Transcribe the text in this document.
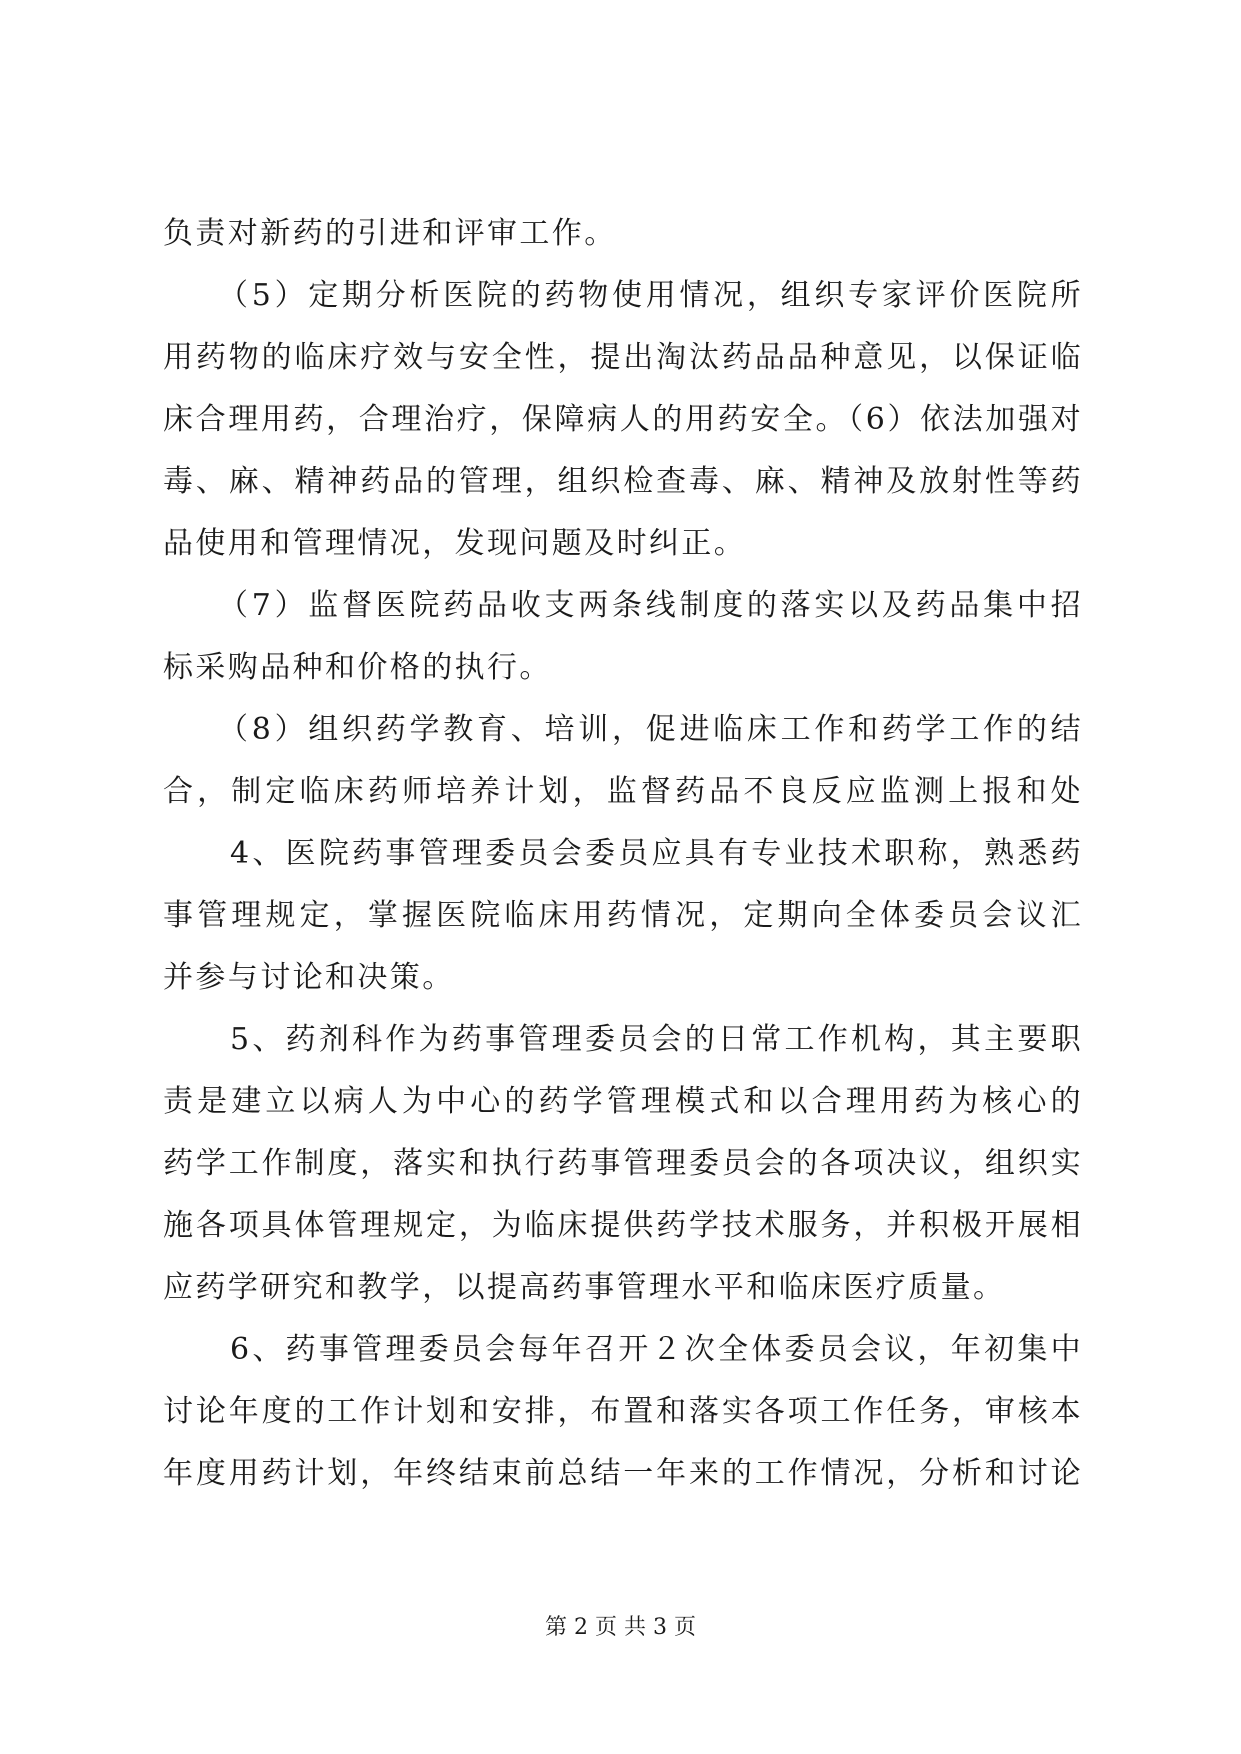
负责对新药的引进和评审工作。
（5）定期分析医院的药物使用情况，组织专家评价医院所
用药物的临床疗效与安全性，提出淘汰药品品种意见，以保证临
床合理用药，合理治疗，保障病人的用药安全。（6）依法加强对
毒、麻、精神药品的管理，组织检查毒、麻、精神及放射性等药
品使用和管理情况，发现问题及时纠正。
（7）监督医院药品收支两条线制度的落实以及药品集中招
标采购品种和价格的执行。
（8）组织药学教育、培训，促进临床工作和药学工作的结
合，制定临床药师培养计划，监督药品不良反应监测上报和处
4、医院药事管理委员会委员应具有专业技术职称，熟悉药
事管理规定，掌握医院临床用药情况，定期向全体委员会议汇
并参与讨论和决策。
5、药剂科作为药事管理委员会的日常工作机构，其主要职
责是建立以病人为中心的药学管理模式和以合理用药为核心的
药学工作制度，落实和执行药事管理委员会的各项决议，组织实
施各项具体管理规定，为临床提供药学技术服务，并积极开展相
应药学研究和教学，以提高药事管理水平和临床医疗质量。
6、药事管理委员会每年召开２次全体委员会议，年初集中
讨论年度的工作计划和安排，布置和落实各项工作任务，审核本
年度用药计划，年终结束前总结一年来的工作情况，分析和讨论
第 2 页 共 3 页
